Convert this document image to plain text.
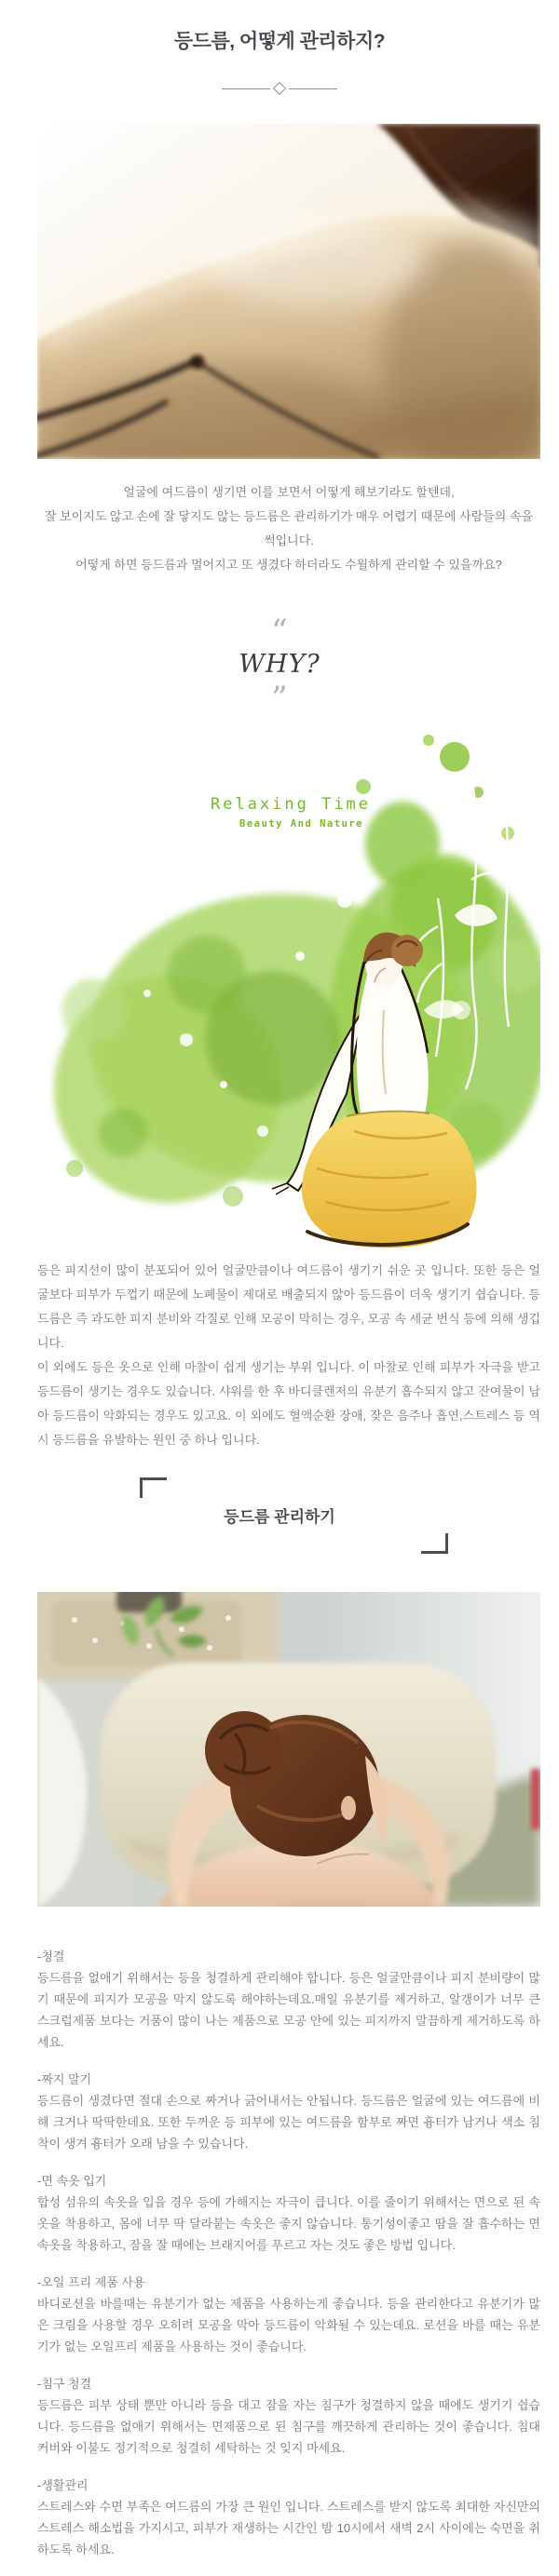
등드름, 어떻게 관리하지?
얼굴에 여드름이 생기면 이를 보면서 어떻게 해보기라도 할텐데,
잘 보이지도 않고 손에 잘 닿지도 않는 등드름은 관리하기가 매우 어렵기 때문에 사람들의 속을 썩입니다.
어떻게 하면 등드름과 멀어지고 또 생겼다 하더라도 수월하게 관리할 수 있을까요?
“
WHY?
”
Relaxing Time
Beauty And Nature

등은 피지선이 많이 분포되어 있어 얼굴만큼이나 여드름이 생기기 쉬운 곳 입니다. 또한 등은 얼굴보다 피부가 두껍기 때문에 노폐물이 제대로 배출되지 않아 등드름이 더욱 생기기 쉽습니다. 등드름은 즉 과도한 피지 분비와 각질로 인해 모공이 막히는 경우, 모공 속 세균 번식 등에 의해 생깁니다.

이 외에도 등은 옷으로 인해 마찰이 쉽게 생기는 부위 입니다. 이 마찰로 인해 피부가 자극을 받고 등드름이 생기는 경우도 있습니다. 샤워를 한 후 바디클렌저의 유분기 흡수되지 않고 잔여물이 남아 등드름이 악화되는 경우도 있고요. 이 외에도 혈액순환 장애, 잦은 음주나 흡연,스트레스 등 역시 등드름을 유발하는 원인 중 하나 입니다.

등드름 관리하기

-청결

등드름을 없애기 위해서는 등을 청결하게 관리해야 합니다. 등은 얼굴만큼이나 피지 분비량이 많기 때문에 피지가 모공을 막지 않도록 해야하는데요.매일 유분기를 제거하고, 알갱이가 너무 큰 스크럽제품 보다는 거품이 많이 나는 제품으로 모공 안에 있는 피지까지 말끔하게 제거하도록 하세요.

-짜지 말기

등드름이 생겼다면 절대 손으로 짜거나 긁어내서는 안됩니다. 등드름은 얼굴에 있는 여드름에 비해 크거나 딱딱한데요. 또한 두꺼운 등 피부에 있는 여드름을 함부로 짜면 흉터가 남거나 색소 침착이 생겨 흉터가 오래 남을 수 있습니다.

-면 속옷 입기

합성 섬유의 속옷을 입을 경우 등에 가해지는 자극이 큽니다. 이를 줄이기 위해서는 면으로 된 속옷을 착용하고, 몸에 너무 딱 달라붙는 속옷은 좋지 않습니다. 통기성이좋고 땀을 잘 흡수하는 면 속옷을 착용하고, 잠을 잘 때에는 브래지어를 푸르고 자는 것도 좋은 방법 입니다.

-오일 프리 제품 사용

바디로션을 바를때는 유분기가 없는 제품을 사용하는게 좋습니다. 등을 관리한다고 유분기가 많은 크림을 사용할 경우 오히려 모공을 막아 등드름이 악화될 수 있는데요. 로션을 바를 때는 유분기가 없는 오일프리 제품을 사용하는 것이 좋습니다.

-침구 청결

등드름은 피부 상태 뿐만 아니라 등을 대고 잠을 자는 침구가 청결하지 않을 때에도 생기기 쉽습니다. 등드름을 없애기 위해서는 면제품으로 된 침구를 깨끗하게 관리하는 것이 좋습니다. 침대 커버와 이불도 정기적으로 청결히 세탁하는 것 잊지 마세요.

-생활관리

스트레스와 수면 부족은 여드름의 가장 큰 원인 입니다. 스트레스를 받지 않도록 최대한 자신만의 스트레스 해소법을 가지시고, 피부가 재생하는 시간인 밤 10시에서 새벽 2시 사이에는 숙면을 취하도록 하세요.
